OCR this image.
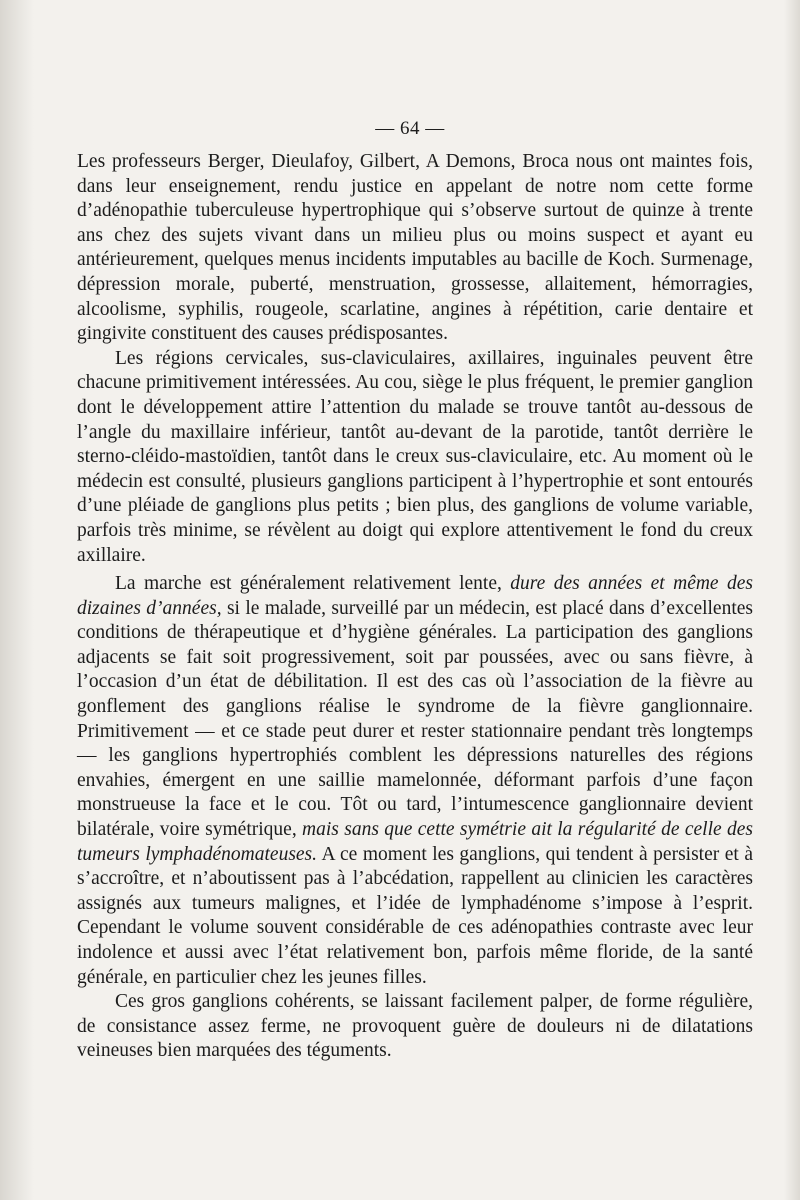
— 64 —

Les professeurs Berger, Dieulafoy, Gilbert, A Demons, Broca nous ont maintes fois, dans leur enseignement, rendu justice en appelant de notre nom cette forme d’adénopathie tuberculeuse hypertrophique qui s’observe surtout de quinze à trente ans chez des sujets vivant dans un milieu plus ou moins suspect et ayant eu antérieurement, quelques menus incidents imputables au bacille de Koch. Surmenage, dépression morale, puberté, menstruation, grossesse, allaitement, hémorragies, alcoolisme, syphilis, rougeole, scarlatine, angines à répétition, carie dentaire et gingivite constituent des causes prédisposantes.

Les régions cervicales, sus-claviculaires, axillaires, inguinales peuvent être chacune primitivement intéressées. Au cou, siège le plus fréquent, le premier ganglion dont le développement attire l’attention du malade se trouve tantôt au-dessous de l’angle du maxillaire inférieur, tantôt au-devant de la parotide, tantôt derrière le sterno-cléido-mastoïdien, tantôt dans le creux sus-claviculaire, etc. Au moment où le médecin est consulté, plusieurs ganglions participent à l’hypertrophie et sont entourés d’une pléiade de ganglions plus petits ; bien plus, des ganglions de volume variable, parfois très minime, se révèlent au doigt qui explore attentivement le fond du creux axillaire.

La marche est généralement relativement lente, dure des années et même des dizaines d’années, si le malade, surveillé par un médecin, est placé dans d’excellentes conditions de thérapeutique et d’hygiène générales. La participation des ganglions adjacents se fait soit progressivement, soit par poussées, avec ou sans fièvre, à l’occasion d’un état de débilitation. Il est des cas où l’association de la fièvre au gonflement des ganglions réalise le syndrome de la fièvre ganglionnaire. Primitivement — et ce stade peut durer et rester stationnaire pendant très longtemps — les ganglions hypertrophiés comblent les dépressions naturelles des régions envahies, émergent en une saillie mamelonnée, déformant parfois d’une façon monstrueuse la face et le cou. Tôt ou tard, l’intumescence ganglionnaire devient bilatérale, voire symétrique, mais sans que cette symétrie ait la régularité de celle des tumeurs lymphadénomateuses. A ce moment les ganglions, qui tendent à persister et à s’accroître, et n’aboutissent pas à l’abcédation, rappellent au clinicien les caractères assignés aux tumeurs malignes, et l’idée de lymphadénome s’impose à l’esprit. Cependant le volume souvent considérable de ces adénopathies contraste avec leur indolence et aussi avec l’état relativement bon, parfois même floride, de la santé générale, en particulier chez les jeunes filles.

Ces gros ganglions cohérents, se laissant facilement palper, de forme régulière, de consistance assez ferme, ne provoquent guère de douleurs ni de dilatations veineuses bien marquées des téguments.
